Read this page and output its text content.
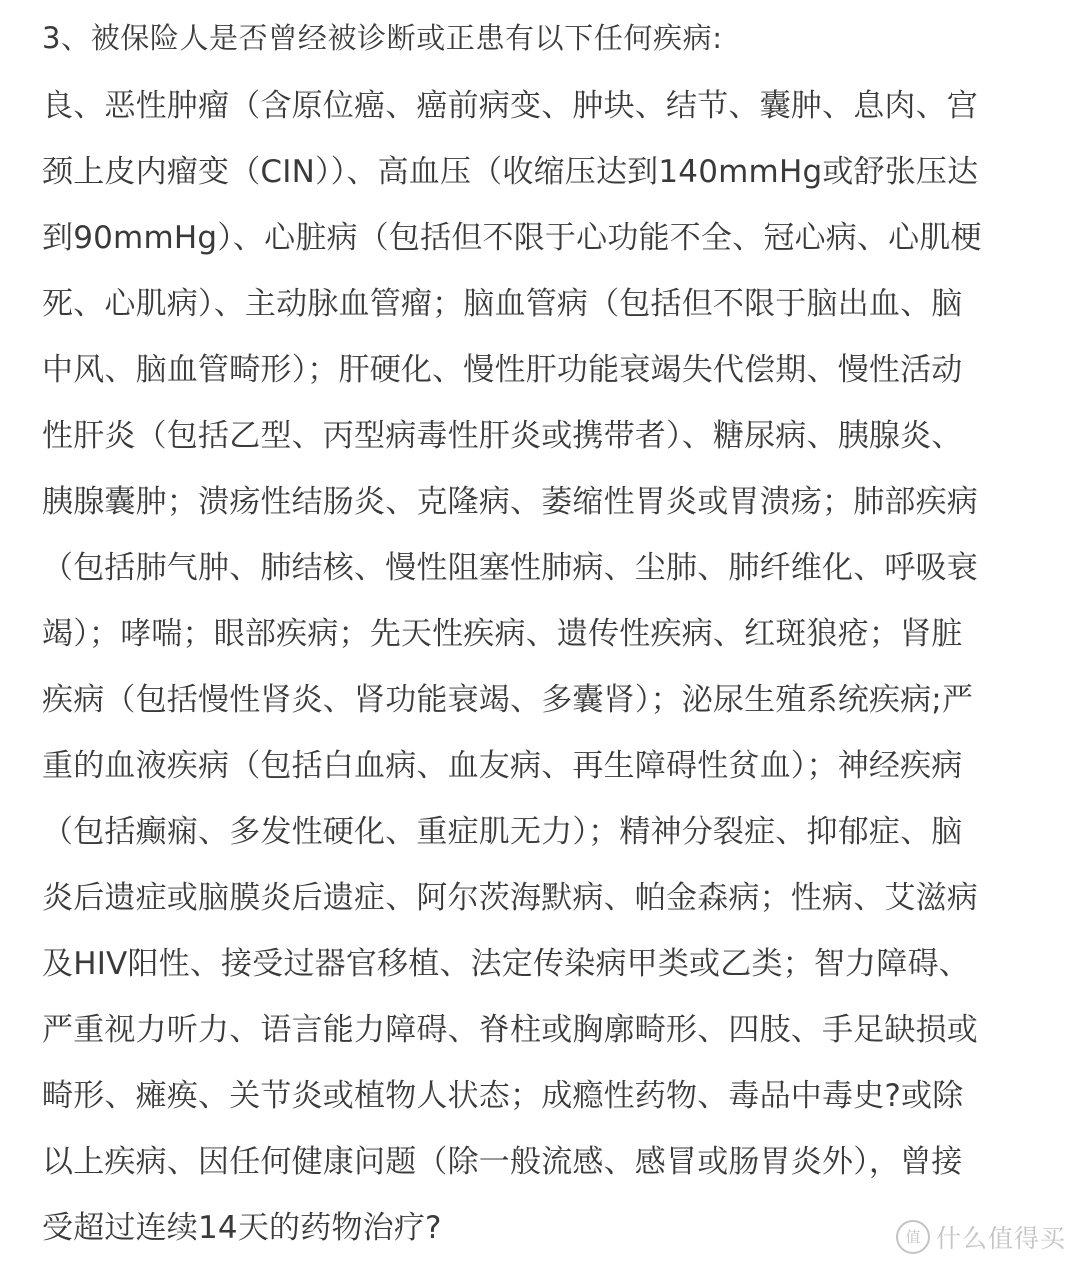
3、被保险人是否曾经被诊断或正患有以下任何疾病:
良、恶性肿瘤（含原位癌、癌前病变、肿块、结节、囊肿、息肉、宫
颈上皮内瘤变（CIN））、高血压（收缩压达到140mmHg或舒张压达
到90mmHg）、心脏病（包括但不限于心功能不全、冠心病、心肌梗
死、心肌病）、主动脉血管瘤；脑血管病（包括但不限于脑出血、脑
中风、脑血管畸形）；肝硬化、慢性肝功能衰竭失代偿期、慢性活动
性肝炎（包括乙型、丙型病毒性肝炎或携带者）、糖尿病、胰腺炎、
胰腺囊肿；溃疡性结肠炎、克隆病、萎缩性胃炎或胃溃疡；肺部疾病
（包括肺气肿、肺结核、慢性阻塞性肺病、尘肺、肺纤维化、呼吸衰
竭）；哮喘；眼部疾病；先天性疾病、遗传性疾病、红斑狼疮；肾脏
疾病（包括慢性肾炎、肾功能衰竭、多囊肾）；泌尿生殖系统疾病;严
重的血液疾病（包括白血病、血友病、再生障碍性贫血）；神经疾病
（包括癫痫、多发性硬化、重症肌无力）；精神分裂症、抑郁症、脑
炎后遗症或脑膜炎后遗症、阿尔茨海默病、帕金森病；性病、艾滋病
及HIV阳性、接受过器官移植、法定传染病甲类或乙类；智力障碍、
严重视力听力、语言能力障碍、脊柱或胸廓畸形、四肢、手足缺损或
畸形、瘫痪、关节炎或植物人状态；成瘾性药物、毒品中毒史?或除
以上疾病、因任何健康问题（除一般流感、感冒或肠胃炎外），曾接
受超过连续14天的药物治疗?	值 什么值得买
